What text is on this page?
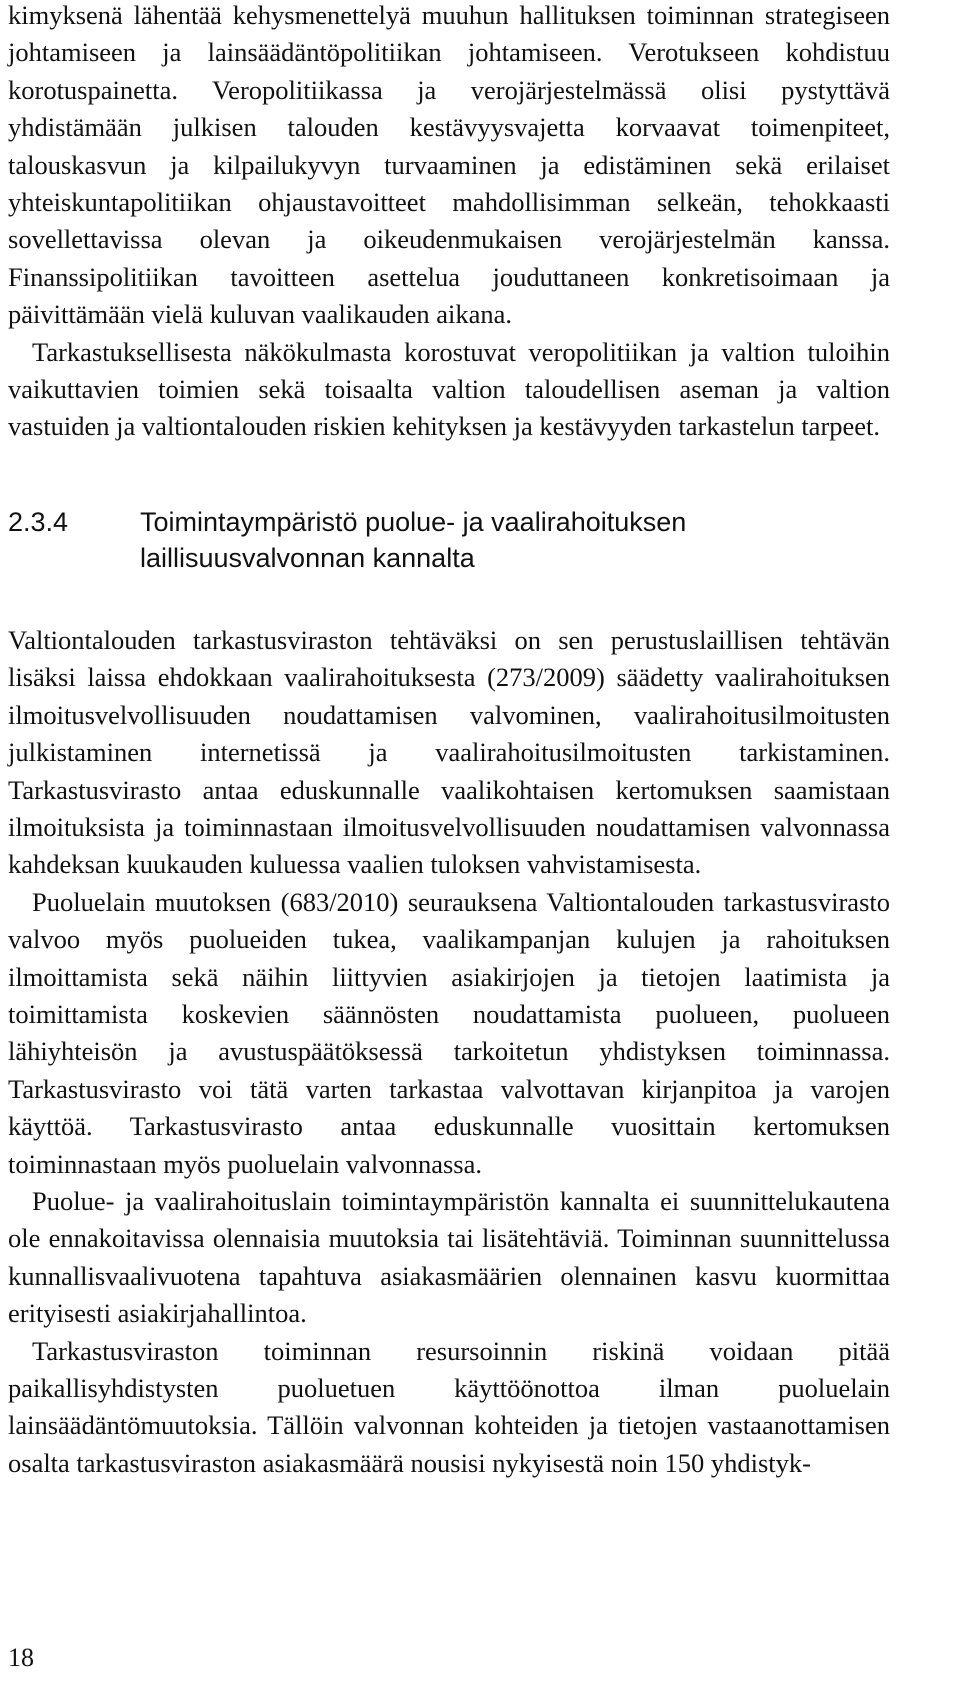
kimyksenä lähentää kehysmenettelyä muuhun hallituksen toiminnan strategiseen johtamiseen ja lainsäädäntöpolitiikan johtamiseen. Verotukseen kohdistuu korotuspainetta. Veropolitiikassa ja verojärjestelmässä olisi pystyttävä yhdistämään julkisen talouden kestävyysvajetta korvaavat toimenpiteet, talouskasvun ja kilpailukyvyn turvaaminen ja edistäminen sekä erilaiset yhteiskuntapolitiikan ohjaustavoitteet mahdollisimman selkeän, tehokkaasti sovellettavissa olevan ja oikeudenmukaisen verojärjestelmän kanssa. Finanssipolitiikan tavoitteen asettelua jouduttaneen konkretisoimaan ja päivittämään vielä kuluvan vaalikauden aikana.

Tarkastuksellisesta näkökulmasta korostuvat veropolitiikan ja valtion tuloihin vaikuttavien toimien sekä toisaalta valtion taloudellisen aseman ja valtion vastuiden ja valtiontalouden riskien kehityksen ja kestävyyden tarkastelun tarpeet.

2.3.4	Toimintaympäristö puolue- ja vaalirahoituksen laillisuusvalvonnan kannalta

Valtiontalouden tarkastusviraston tehtäväksi on sen perustuslaillisen tehtävän lisäksi laissa ehdokkaan vaalirahoituksesta (273/2009) säädetty vaalirahoituksen ilmoitusvelvollisuuden noudattamisen valvominen, vaalirahoitusilmoitusten julkistaminen internetissä ja vaalirahoitusilmoitusten tarkistaminen. Tarkastusvirasto antaa eduskunnalle vaalikohtaisen kertomuksen saamistaan ilmoituksista ja toiminnastaan ilmoitusvelvollisuuden noudattamisen valvonnassa kahdeksan kuukauden kuluessa vaalien tuloksen vahvistamisesta.

Puoluelain muutoksen (683/2010) seurauksena Valtiontalouden tarkastusvirasto valvoo myös puolueiden tukea, vaalikampanjan kulujen ja rahoituksen ilmoittamista sekä näihin liittyvien asiakirjojen ja tietojen laatimista ja toimittamista koskevien säännösten noudattamista puolueen, puolueen lähiyhteisön ja avustuspäätöksessä tarkoitetun yhdistyksen toiminnassa. Tarkastusvirasto voi tätä varten tarkastaa valvottavan kirjanpitoa ja varojen käyttöä. Tarkastusvirasto antaa eduskunnalle vuosittain kertomuksen toiminnastaan myös puoluelain valvonnassa.

Puolue- ja vaalirahoituslain toimintaympäristön kannalta ei suunnittelukautena ole ennakoitavissa olennaisia muutoksia tai lisätehtäviä. Toiminnan suunnittelussa kunnallisvaalivuotena tapahtuva asiakasmäärien olennainen kasvu kuormittaa erityisesti asiakirjahallintoa.

Tarkastusviraston toiminnan resursoinnin riskinä voidaan pitää paikallisyhdistysten puoluetuen käyttöönottoa ilman puoluelain lainsäädäntömuutoksia. Tällöin valvonnan kohteiden ja tietojen vastaanottamisen osalta tarkastusviraston asiakasmäärä nousisi nykyisestä noin 150 yhdistyk-

18
